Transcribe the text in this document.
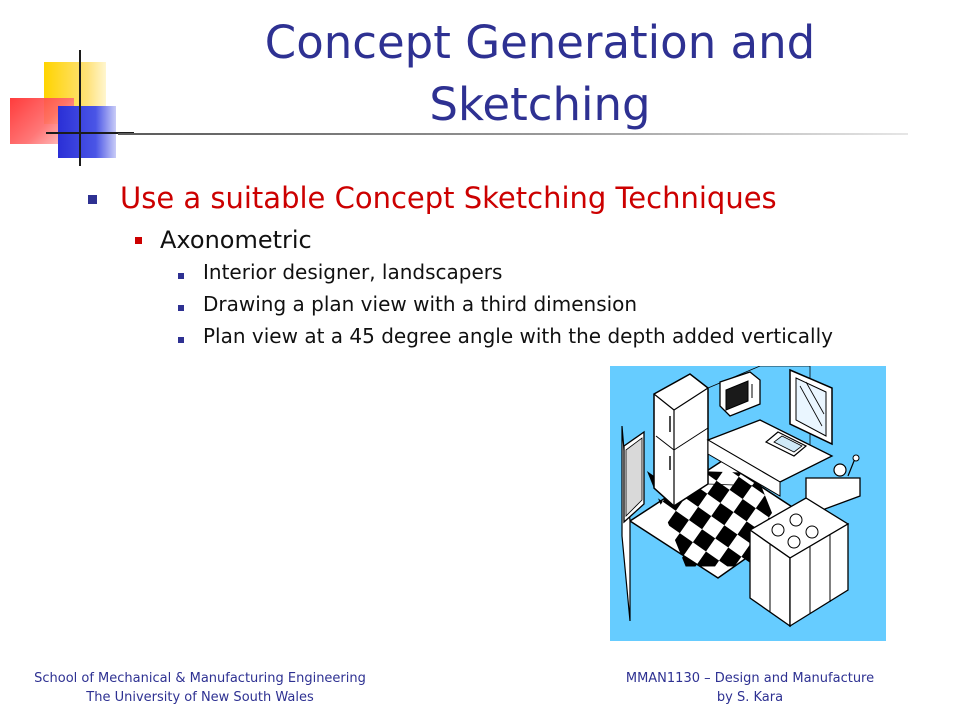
Concept Generation and
Sketching
Use a suitable Concept Sketching Techniques
Axonometric
Interior designer, landscapers
Drawing a plan view with a third dimension
Plan view at a 45 degree angle with the depth added vertically
School of Mechanical & Manufacturing Engineering
The University of New South Wales
MMAN1130 – Design and Manufacture
by S. Kara
